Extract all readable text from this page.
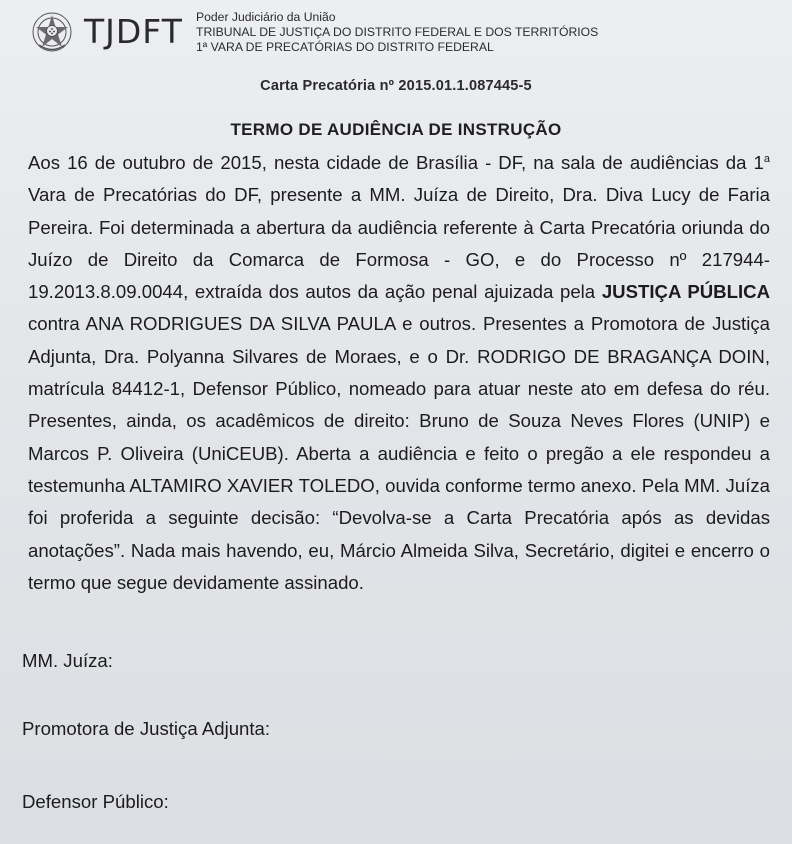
TJDFT Poder Judiciário da União
TRIBUNAL DE JUSTIÇA DO DISTRITO FEDERAL E DOS TERRITÓRIOS
1ª VARA DE PRECATÓRIAS DO DISTRITO FEDERAL
Carta Precatória nº 2015.01.1.087445-5
TERMO DE AUDIÊNCIA DE INSTRUÇÃO

Aos 16 de outubro de 2015, nesta cidade de Brasília - DF, na sala de audiências da 1$^a$ Vara de Precatórias do DF, presente a MM. Juíza de Direito, Dra. Diva Lucy de Faria Pereira. Foi determinada a abertura da audiência referente à Carta Precatória oriunda do Juízo de Direito da Comarca de Formosa - GO, e do Processo nº 217944-19.2013.8.09.0044, extraída dos autos da ação penal ajuizada pela JUSTIÇA PÚBLICA contra ANA RODRIGUES DA SILVA PAULA e outros. Presentes a Promotora de Justiça Adjunta, Dra. Polyanna Silvares de Moraes, e o Dr. RODRIGO DE BRAGANÇA DOIN, matrícula 84412-1, Defensor Público, nomeado para atuar neste ato em defesa do réu. Presentes, ainda, os acadêmicos de direito: Bruno de Souza Neves Flores (UNIP) e Marcos P. Oliveira (UniCEUB). Aberta a audiência e feito o pregão a ele respondeu a testemunha ALTAMIRO XAVIER TOLEDO, ouvida conforme termo anexo. Pela MM. Juíza foi proferida a seguinte decisão: “Devolva-se a Carta Precatória após as devidas anotações”. Nada mais havendo, eu, Márcio Almeida Silva, Secretário, digitei e encerro o termo que segue devidamente assinado.

MM. Juíza:
Promotora de Justiça Adjunta:
Defensor Público:
